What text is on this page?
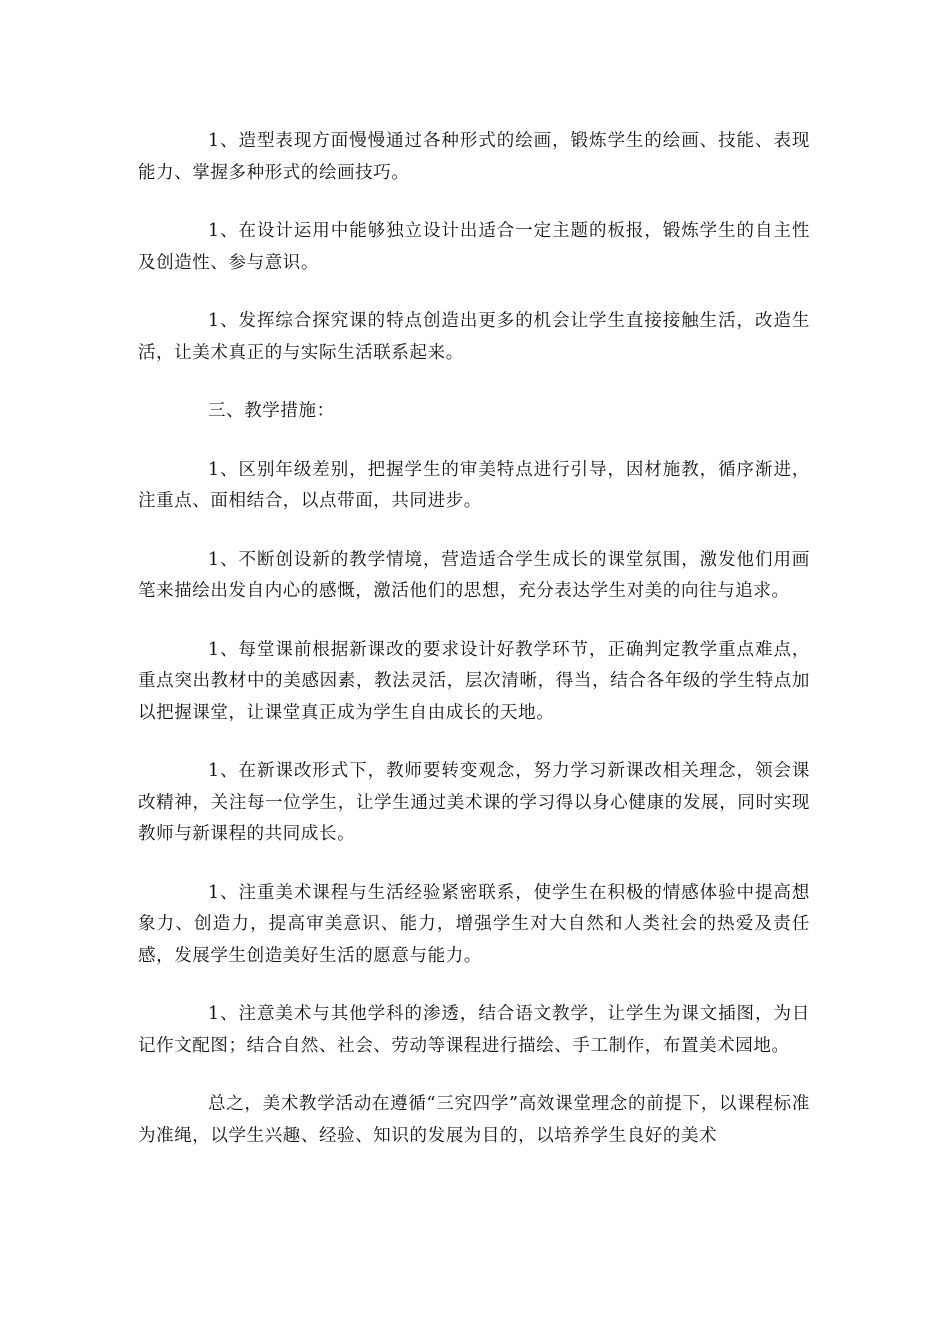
1、造型表现方面慢慢通过各种形式的绘画，锻炼学生的绘画、技能、表现能力、掌握多种形式的绘画技巧。

1、在设计运用中能够独立设计出适合一定主题的板报，锻炼学生的自主性及创造性、参与意识。

1、发挥综合探究课的特点创造出更多的机会让学生直接接触生活，改造生活，让美术真正的与实际生活联系起来。

三、教学措施：

1、区别年级差别，把握学生的审美特点进行引导，因材施教，循序渐进，注重点、面相结合，以点带面，共同进步。

1、不断创设新的教学情境，营造适合学生成长的课堂氛围，激发他们用画笔来描绘出发自内心的感慨，激活他们的思想，充分表达学生对美的向往与追求。

1、每堂课前根据新课改的要求设计好教学环节，正确判定教学重点难点，重点突出教材中的美感因素，教法灵活，层次清晰，得当，结合各年级的学生特点加以把握课堂，让课堂真正成为学生自由成长的天地。

1、在新课改形式下，教师要转变观念，努力学习新课改相关理念，领会课改精神，关注每一位学生，让学生通过美术课的学习得以身心健康的发展，同时实现教师与新课程的共同成长。

1、注重美术课程与生活经验紧密联系，使学生在积极的情感体验中提高想象力、创造力，提高审美意识、能力，增强学生对大自然和人类社会的热爱及责任感，发展学生创造美好生活的愿意与能力。

1、注意美术与其他学科的渗透，结合语文教学，让学生为课文插图，为日记作文配图；结合自然、社会、劳动等课程进行描绘、手工制作，布置美术园地。

总之，美术教学活动在遵循“三究四学”高效课堂理念的前提下，以课程标准为准绳，以学生兴趣、经验、知识的发展为目的，以培养学生良好的美术
